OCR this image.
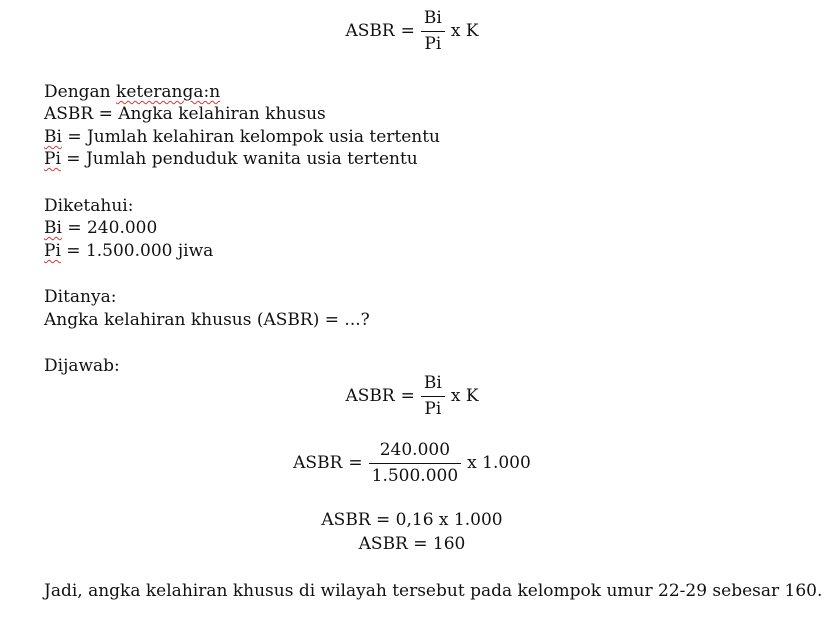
ASBR = $\frac{Bi}{Pi}$ x K
Dengan keteranga:n
ASBR = Angka kelahiran khusus
Bi = Jumlah kelahiran kelompok usia tertentu
Pi = Jumlah penduduk wanita usia tertentu
Diketahui:
Bi = 240.000
Pi = 1.500.000 jiwa
Ditanya:
Angka kelahiran khusus (ASBR) = ...?
Dijawab:
ASBR = $\frac{Bi}{Pi}$ x K
ASBR = $\frac{240.000}{1.500.000}$ x 1.000
ASBR = 0,16 x 1.000
ASBR = 160
Jadi, angka kelahiran khusus di wilayah tersebut pada kelompok umur 22-29 sebesar 160.
